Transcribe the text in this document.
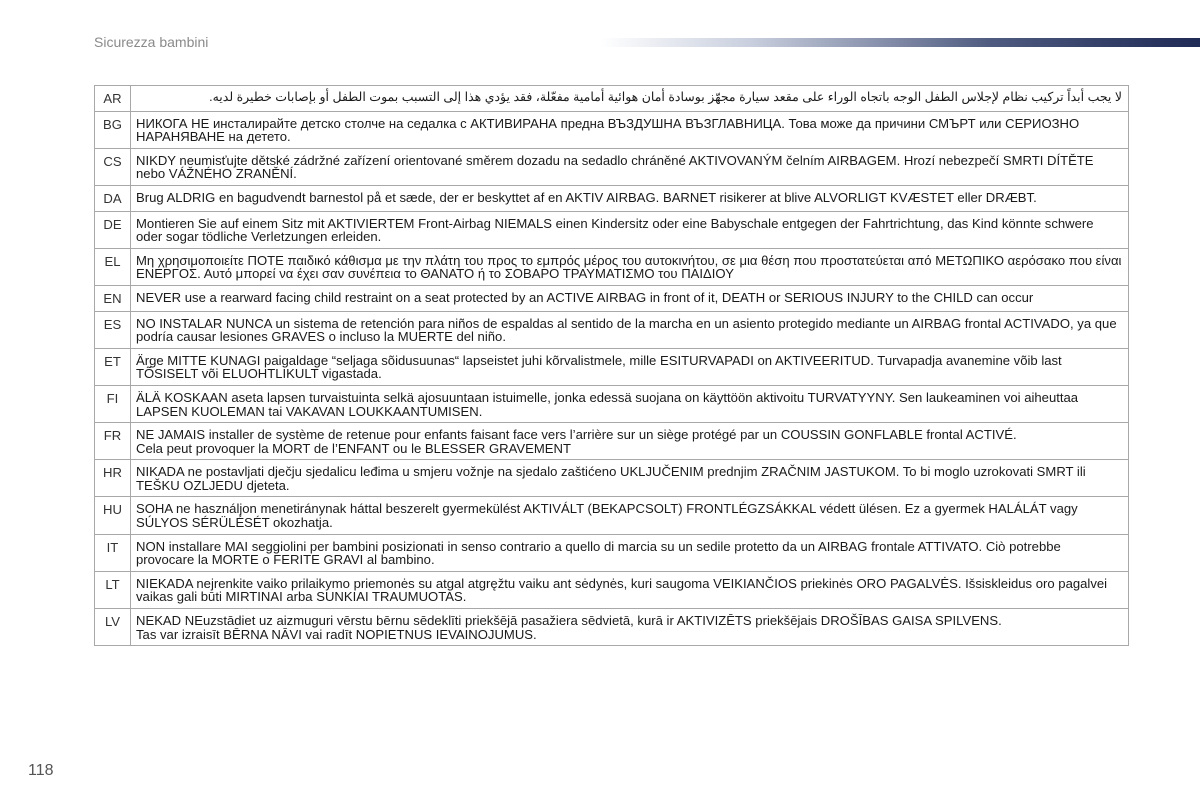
Sicurezza bambini
AR	لا يجب أبداً تركيب نظام لإجلاس الطفل الوجه باتجاه الوراء على مقعد سيارة مجهّز بوسادة أمان هوائية أمامية مفعّلة، فقد يؤدي هذا إلى التسبب بموت الطفل أو بإصابات خطيرة لديه.

BG	НИКОГА НЕ инсталирайте детско столче на седалка с АКТИВИРАНА предна ВЪЗДУШНА ВЪЗГЛАВНИЦА. Това може да причини СМЪРТ или СЕРИОЗНО НАРАНЯВАНЕ на детето.

CS	NIKDY neumisťujte dětské zádržné zařízení orientované směrem dozadu na sedadlo chráněné AKTIVOVANÝM čelním AIRBAGEM. Hrozí nebezpečí SMRTI DÍTĚTE nebo VÁŽNÉHO ZRANĚNÍ.

DA	Brug ALDRIG en bagudvendt barnestol på et sæde, der er beskyttet af en AKTIV AIRBAG. BARNET risikerer at blive ALVORLIGT KVÆSTET eller DRÆBT.

DE	Montieren Sie auf einem Sitz mit AKTIVIERTEM Front-Airbag NIEMALS einen Kindersitz oder eine Babyschale entgegen der Fahrtrichtung, das Kind könnte schwere oder sogar tödliche Verletzungen erleiden.

EL	Μη χρησιμοποιείτε ΠΟΤΕ παιδικό κάθισμα με την πλάτη του προς το εμπρός μέρος του αυτοκινήτου, σε μια θέση που προστατεύεται από ΜΕΤΩΠΙΚΟ αερόσακο που είναι ΕΝΕΡΓΟΣ. Αυτό μπορεί να έχει σαν συνέπεια το ΘΑΝΑΤΟ ή το ΣΟΒΑΡΟ ΤΡΑΥΜΑΤΙΣΜΟ του ΠΑΙΔΙΟΥ

EN	NEVER use a rearward facing child restraint on a seat protected by an ACTIVE AIRBAG in front of it, DEATH or SERIOUS INJURY to the CHILD can occur

ES	NO INSTALAR NUNCA un sistema de retención para niños de espaldas al sentido de la marcha en un asiento protegido mediante un AIRBAG frontal ACTIVADO, ya que podría causar lesiones GRAVES o incluso la MUERTE del niño.

ET	Ärge MITTE KUNAGI paigaldage “seljaga sõidusuunas“ lapseistet juhi kõrvalistmele, mille ESITURVAPADI on AKTIVEERITUD. Turvapadja avanemine võib last TÕSISELT või ELUOHTLIKULT vigastada.

FI	ÄLÄ KOSKAAN aseta lapsen turvaistuinta selkä ajosuuntaan istuimelle, jonka edessä suojana on käyttöön aktivoitu TURVATYYNY. Sen laukeaminen voi aiheuttaa LAPSEN KUOLEMAN tai VAKAVAN LOUKKAANTUMISEN.

FR	NE JAMAIS installer de système de retenue pour enfants faisant face vers l’arrière sur un siège protégé par un COUSSIN GONFLABLE frontal ACTIVÉ.
Cela peut provoquer la MORT de l’ENFANT ou le BLESSER GRAVEMENT

HR	NIKADA ne postavljati dječju sjedalicu leđima u smjeru vožnje na sjedalo zaštićeno UKLJUČENIM prednjim ZRAČNIM JASTUKOM. To bi moglo uzrokovati SMRT ili TEŠKU OZLJEDU djeteta.

HU	SOHA ne használjon menetiránynak háttal beszerelt gyermekülést AKTIVÁLT (BEKAPCSOLT) FRONTLÉGZSÁKKAL védett ülésen. Ez a gyermek HALÁLÁT vagy SÚLYOS SÉRÜLÉSÉT okozhatja.

IT	NON installare MAI seggiolini per bambini posizionati in senso contrario a quello di marcia su un sedile protetto da un AIRBAG frontale ATTIVATO. Ciò potrebbe provocare la MORTE o FERITE GRAVI al bambino.

LT	NIEKADA nejrenkite vaiko prilaikymo priemonės su atgal atgręžtu vaiku ant sėdynės, kuri saugoma VEIKIANČIOS priekinės ORO PAGALVĖS. Išsiskleidus oro pagalvei vaikas gali būti MIRTINAI arba SUNKIAI TRAUMUOTAS.

LV	NEKAD NEuzstādiet uz aizmuguri vērstu bērnu sēdeklīti priekšējā pasažiera sēdvietā, kurā ir AKTIVIZĒTS priekšējais DROŠĪBAS GAISA SPILVENS.
Tas var izraisīt BĒRNA NĀVI vai radīt NOPIETNUS IEVAINOJUMUS.
118
